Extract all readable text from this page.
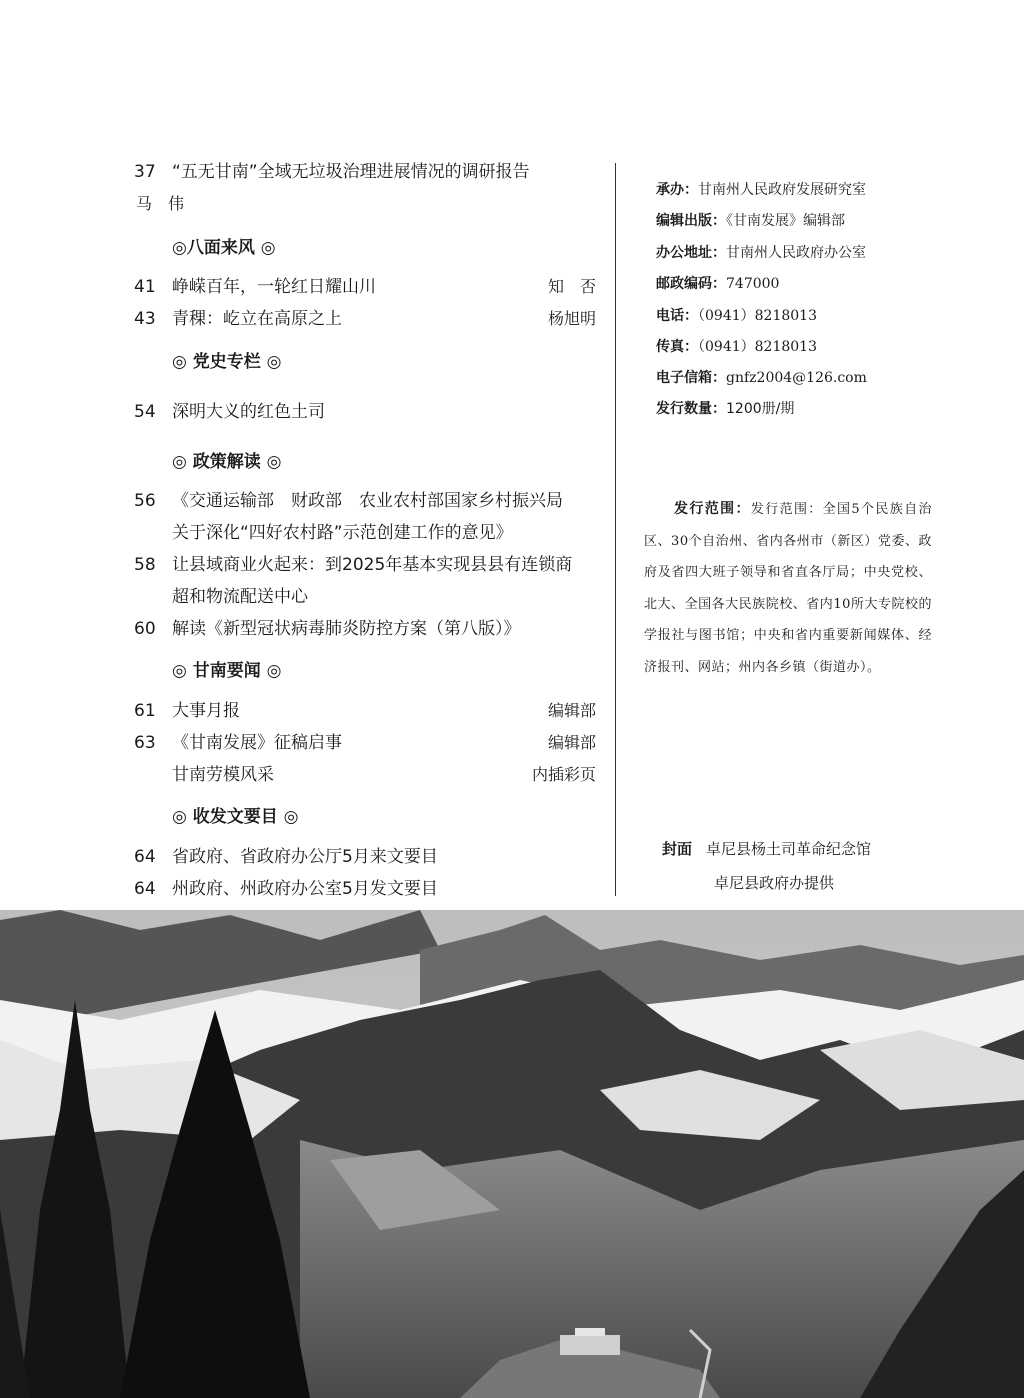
37 “五无甘南”全域无垃圾治理进展情况的调研报告
马　伟
◎八面来风 ◎
41 峥嵘百年，一轮红日耀山川	知　否
43 青稞：屹立在高原之上	杨旭明
◎ 党史专栏 ◎
54 深明大义的红色土司
◎ 政策解读 ◎
56 《交通运输部　财政部　农业农村部国家乡村振兴局
关于深化“四好农村路”示范创建工作的意见》
58 让县域商业火起来：到2025年基本实现县县有连锁商
超和物流配送中心
60 解读《新型冠状病毒肺炎防控方案（第八版）》
◎ 甘南要闻 ◎
61 大事月报	编辑部
63 《甘南发展》征稿启事	编辑部
甘南劳模风采	内插彩页
◎ 收发文要目 ◎
64 省政府、省政府办公厅5月来文要目
64 州政府、州政府办公室5月发文要目
承办：甘南州人民政府发展研究室
编辑出版：《甘南发展》编辑部
办公地址：甘南州人民政府办公室
邮政编码：747000
电话：（0941）8218013
传真：（0941）8218013
电子信箱：gnfz2004@126.com
发行数量：1200册/期
发行范围：发行范围：全国5个民族自治区、30个自治州、省内各州市（新区）党委、政府及省四大班子领导和省直各厅局；中央党校、北大、全国各大民族院校、省内10所大专院校的学报社与图书馆；中央和省内重要新闻媒体、经济报刊、网站；州内各乡镇（街道办）。
封面 卓尼县杨土司革命纪念馆
卓尼县政府办提供
